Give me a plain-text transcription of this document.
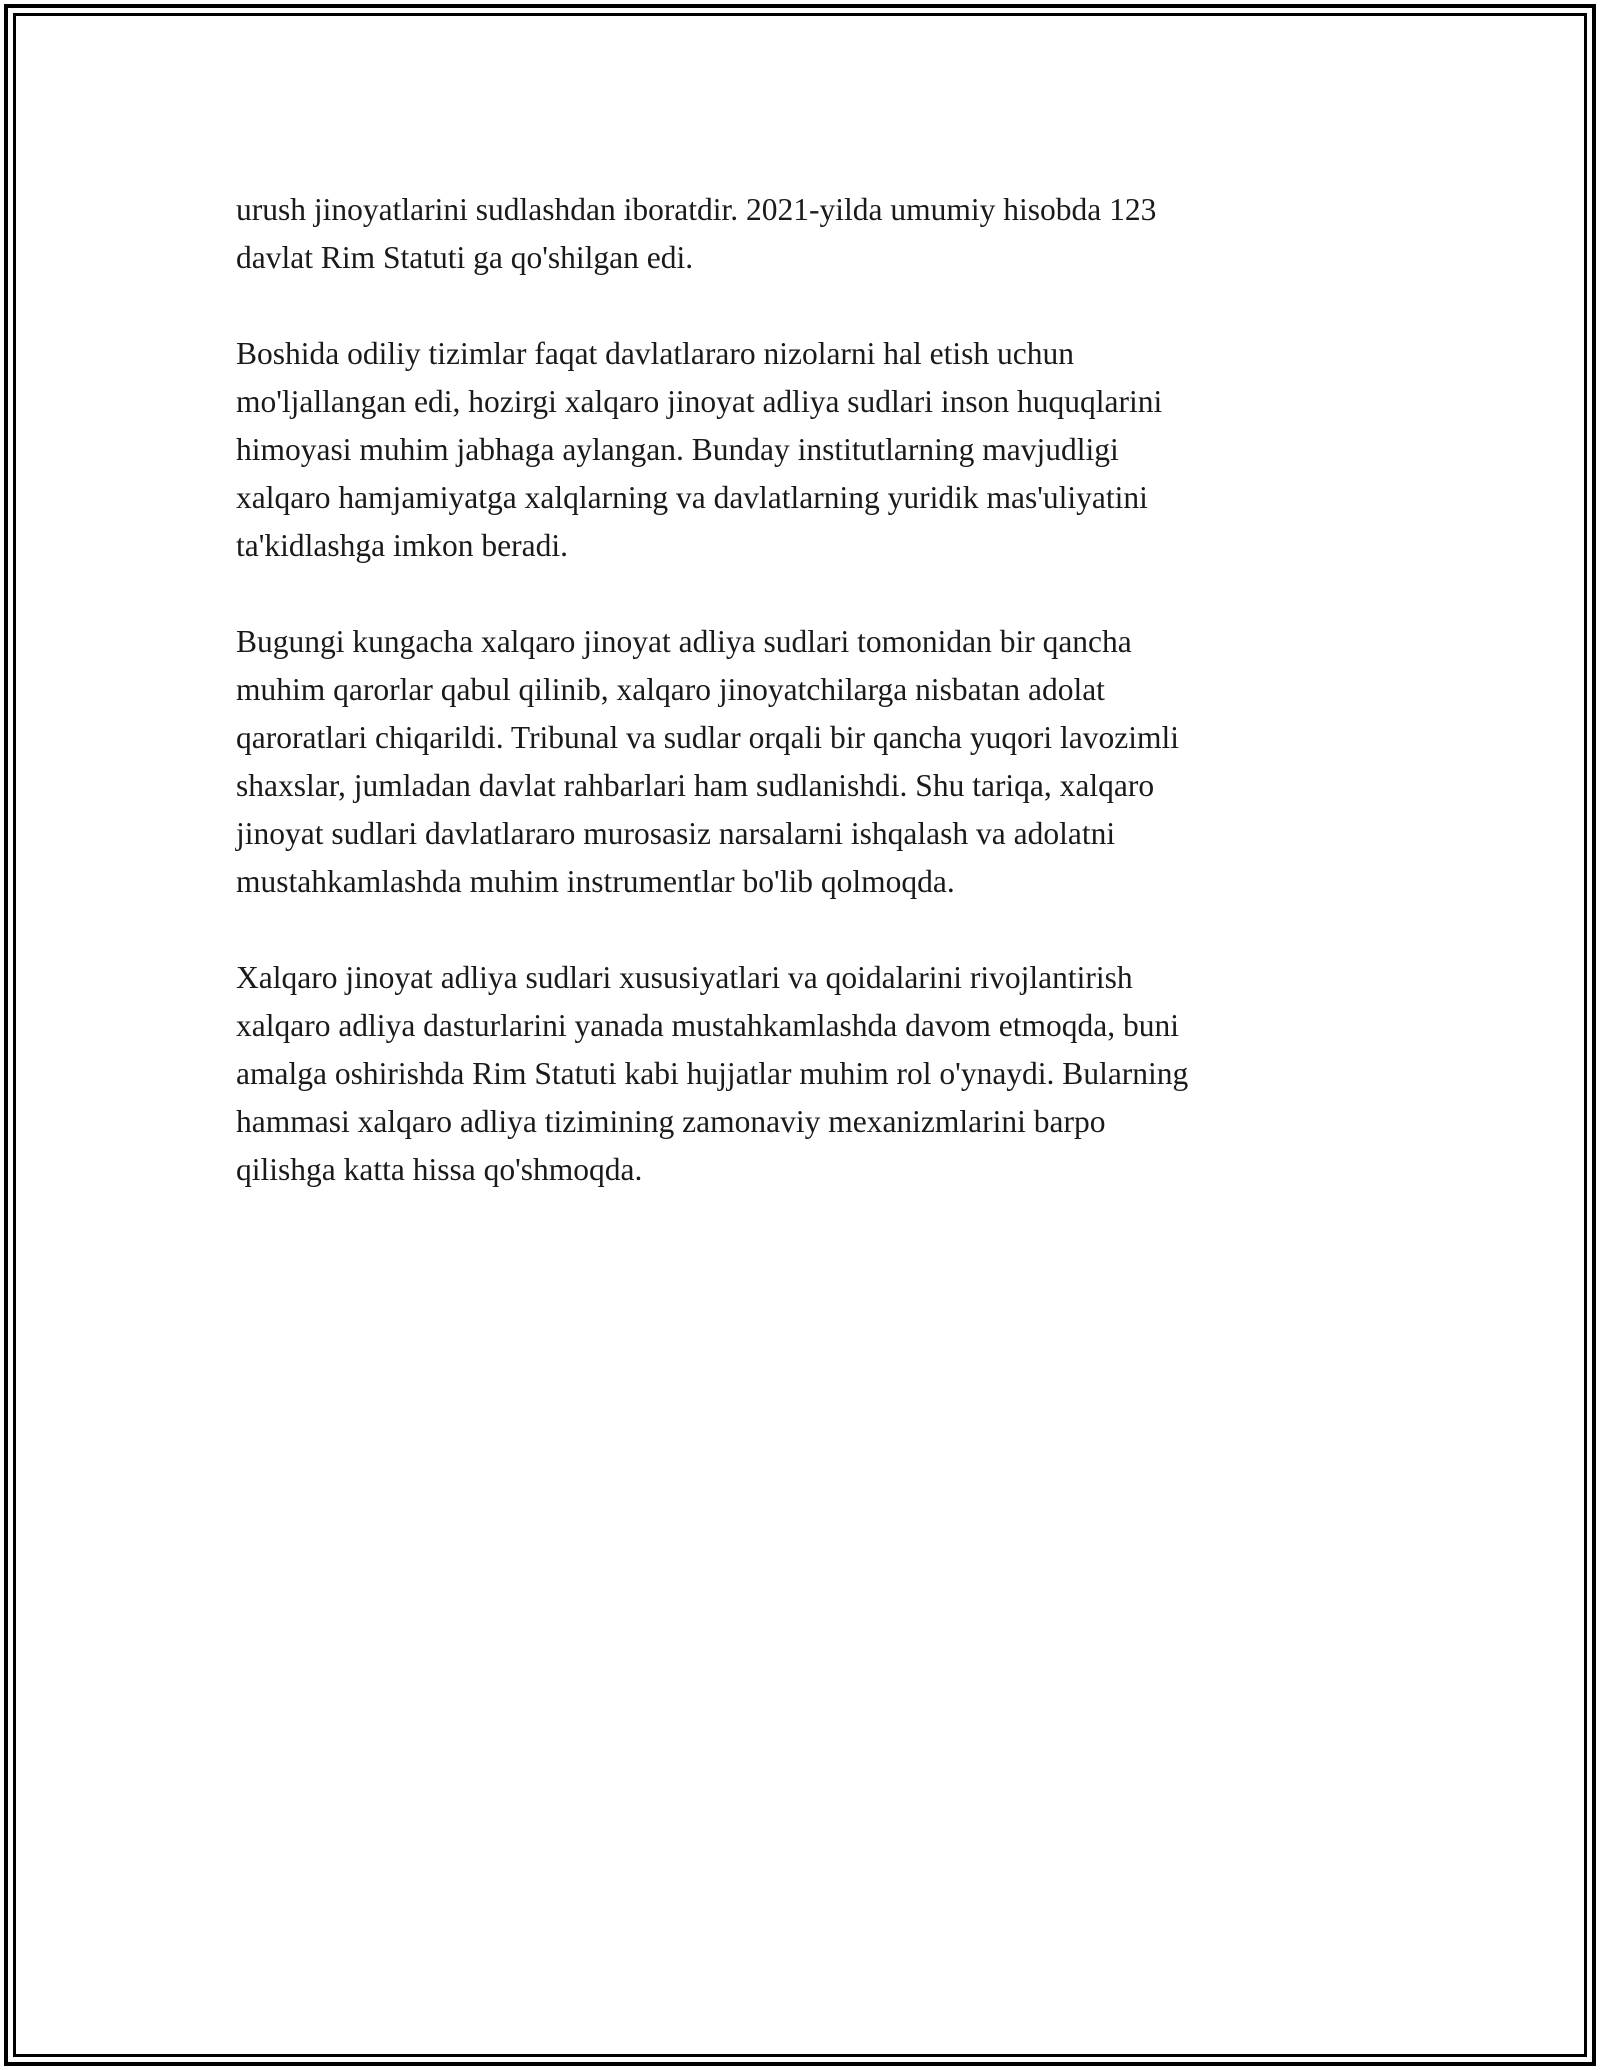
urush jinoyatlarini sudlashdan iboratdir. 2021-yilda umumiy hisobda 123
davlat Rim Statuti ga qo'shilgan edi.

Boshida odiliy tizimlar faqat davlatlararo nizolarni hal etish uchun
mo'ljallangan edi, hozirgi xalqaro jinoyat adliya sudlari inson huquqlarini
himoyasi muhim jabhaga aylangan. Bunday institutlarning mavjudligi
xalqaro hamjamiyatga xalqlarning va davlatlarning yuridik mas'uliyatini
ta'kidlashga imkon beradi.

Bugungi kungacha xalqaro jinoyat adliya sudlari tomonidan bir qancha
muhim qarorlar qabul qilinib, xalqaro jinoyatchilarga nisbatan adolat
qaroratlari chiqarildi. Tribunal va sudlar orqali bir qancha yuqori lavozimli
shaxslar, jumladan davlat rahbarlari ham sudlanishdi. Shu tariqa, xalqaro
jinoyat sudlari davlatlararo murosasiz narsalarni ishqalash va adolatni
mustahkamlashda muhim instrumentlar bo'lib qolmoqda.

Xalqaro jinoyat adliya sudlari xususiyatlari va qoidalarini rivojlantirish
xalqaro adliya dasturlarini yanada mustahkamlashda davom etmoqda, buni
amalga oshirishda Rim Statuti kabi hujjatlar muhim rol o'ynaydi. Bularning
hammasi xalqaro adliya tizimining zamonaviy mexanizmlarini barpo
qilishga katta hissa qo'shmoqda.
